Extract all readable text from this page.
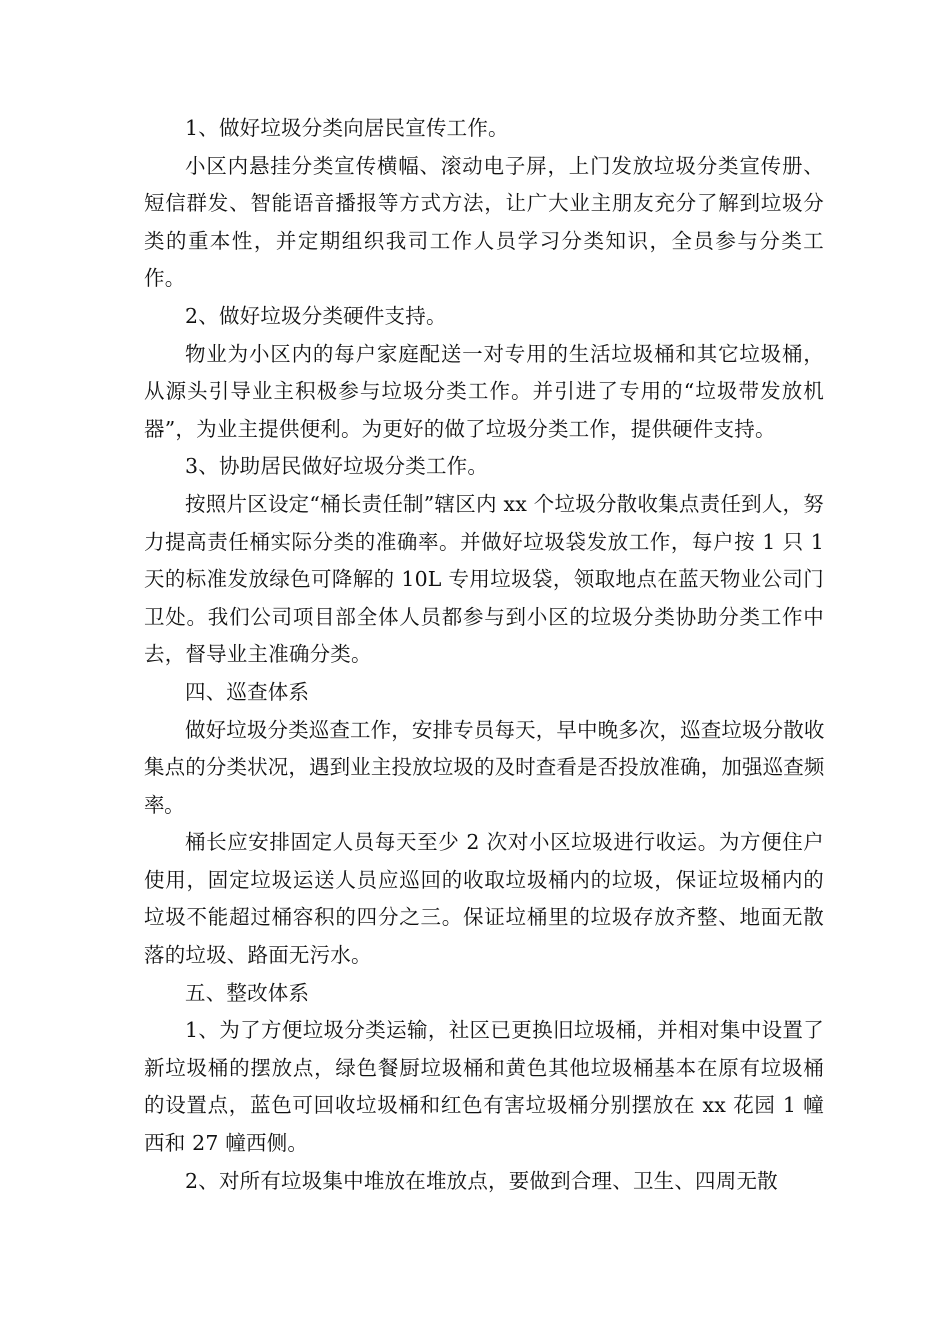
1、做好垃圾分类向居民宣传工作。

小区内悬挂分类宣传横幅、滚动电子屏，上门发放垃圾分类宣传册、短信群发、智能语音播报等方式方法，让广大业主朋友充分了解到垃圾分类的重本性，并定期组织我司工作人员学习分类知识，全员参与分类工作。

2、做好垃圾分类硬件支持。

物业为小区内的每户家庭配送一对专用的生活垃圾桶和其它垃圾桶，从源头引导业主积极参与垃圾分类工作。并引进了专用的“垃圾带发放机器”，为业主提供便利。为更好的做了垃圾分类工作，提供硬件支持。

3、协助居民做好垃圾分类工作。

按照片区设定“桶长责任制”辖区内 xx 个垃圾分散收集点责任到人，努力提高责任桶实际分类的准确率。并做好垃圾袋发放工作，每户按 1 只 1 天的标准发放绿色可降解的 10L 专用垃圾袋，领取地点在蓝天物业公司门卫处。我们公司项目部全体人员都参与到小区的垃圾分类协助分类工作中去，督导业主准确分类。

四、巡查体系

做好垃圾分类巡查工作，安排专员每天，早中晚多次，巡查垃圾分散收集点的分类状况，遇到业主投放垃圾的及时查看是否投放准确，加强巡查频率。

桶长应安排固定人员每天至少 2 次对小区垃圾进行收运。为方便住户使用，固定垃圾运送人员应巡回的收取垃圾桶内的垃圾，保证垃圾桶内的垃圾不能超过桶容积的四分之三。保证垃桶里的垃圾存放齐整、地面无散落的垃圾、路面无污水。

五、整改体系

1、为了方便垃圾分类运输，社区已更换旧垃圾桶，并相对集中设置了新垃圾桶的摆放点，绿色餐厨垃圾桶和黄色其他垃圾桶基本在原有垃圾桶的设置点，蓝色可回收垃圾桶和红色有害垃圾桶分别摆放在 xx 花园 1 幢西和 27 幢西侧。

2、对所有垃圾集中堆放在堆放点，要做到合理、卫生、四周无散
